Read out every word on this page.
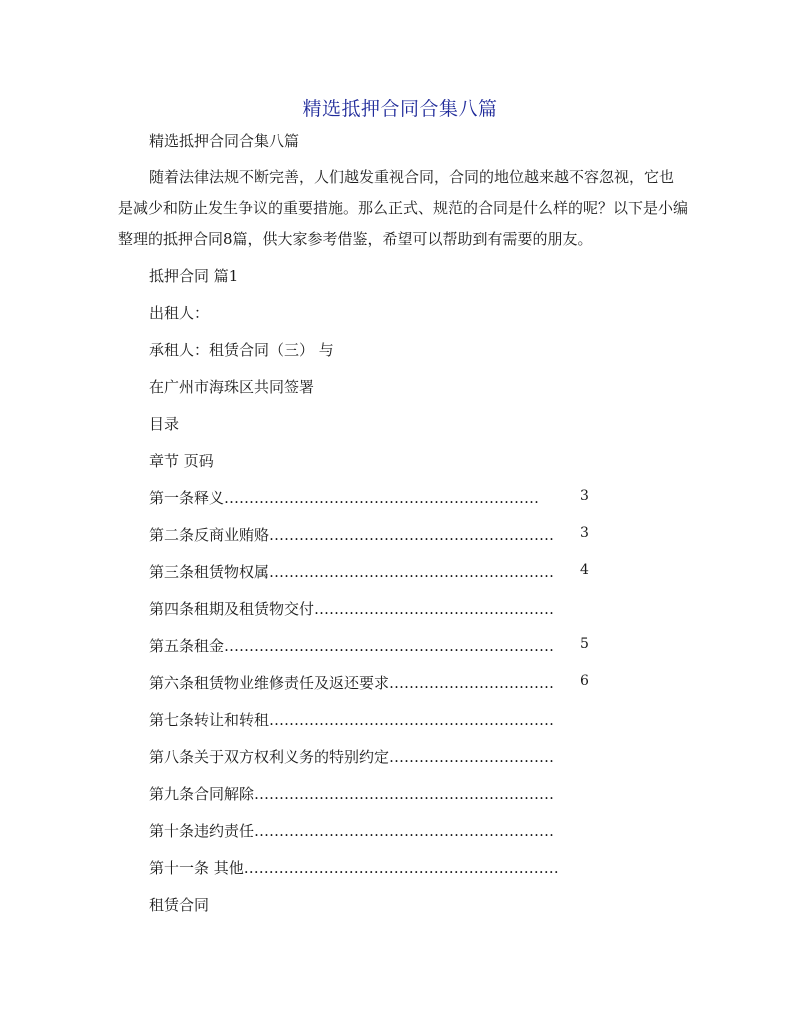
精选抵押合同合集八篇
精选抵押合同合集八篇
随着法律法规不断完善，人们越发重视合同，合同的地位越来越不容忽视，它也是减少和防止发生争议的重要措施。那么正式、规范的合同是什么样的呢？以下是小编整理的抵押合同8篇，供大家参考借鉴，希望可以帮助到有需要的朋友。
抵押合同 篇1
出租人：
承租人：租赁合同（三） 与
在广州市海珠区共同签署
目录
章节 页码
第一条释义………………………………………………………	3
第二条反商业贿赂………………………………………………… 3
第三条租赁物权属………………………………………………… 4
第四条租期及租赁物交付…………………………………………
第五条租金………………………………………………………… 5
第六条租赁物业维修责任及返还要求…………………………… 6
第七条转让和转租…………………………………………………
第八条关于双方权利义务的特别约定……………………………
第九条合同解除……………………………………………………
第十条违约责任……………………………………………………
第十一条 其他………………………………………………………
租赁合同
